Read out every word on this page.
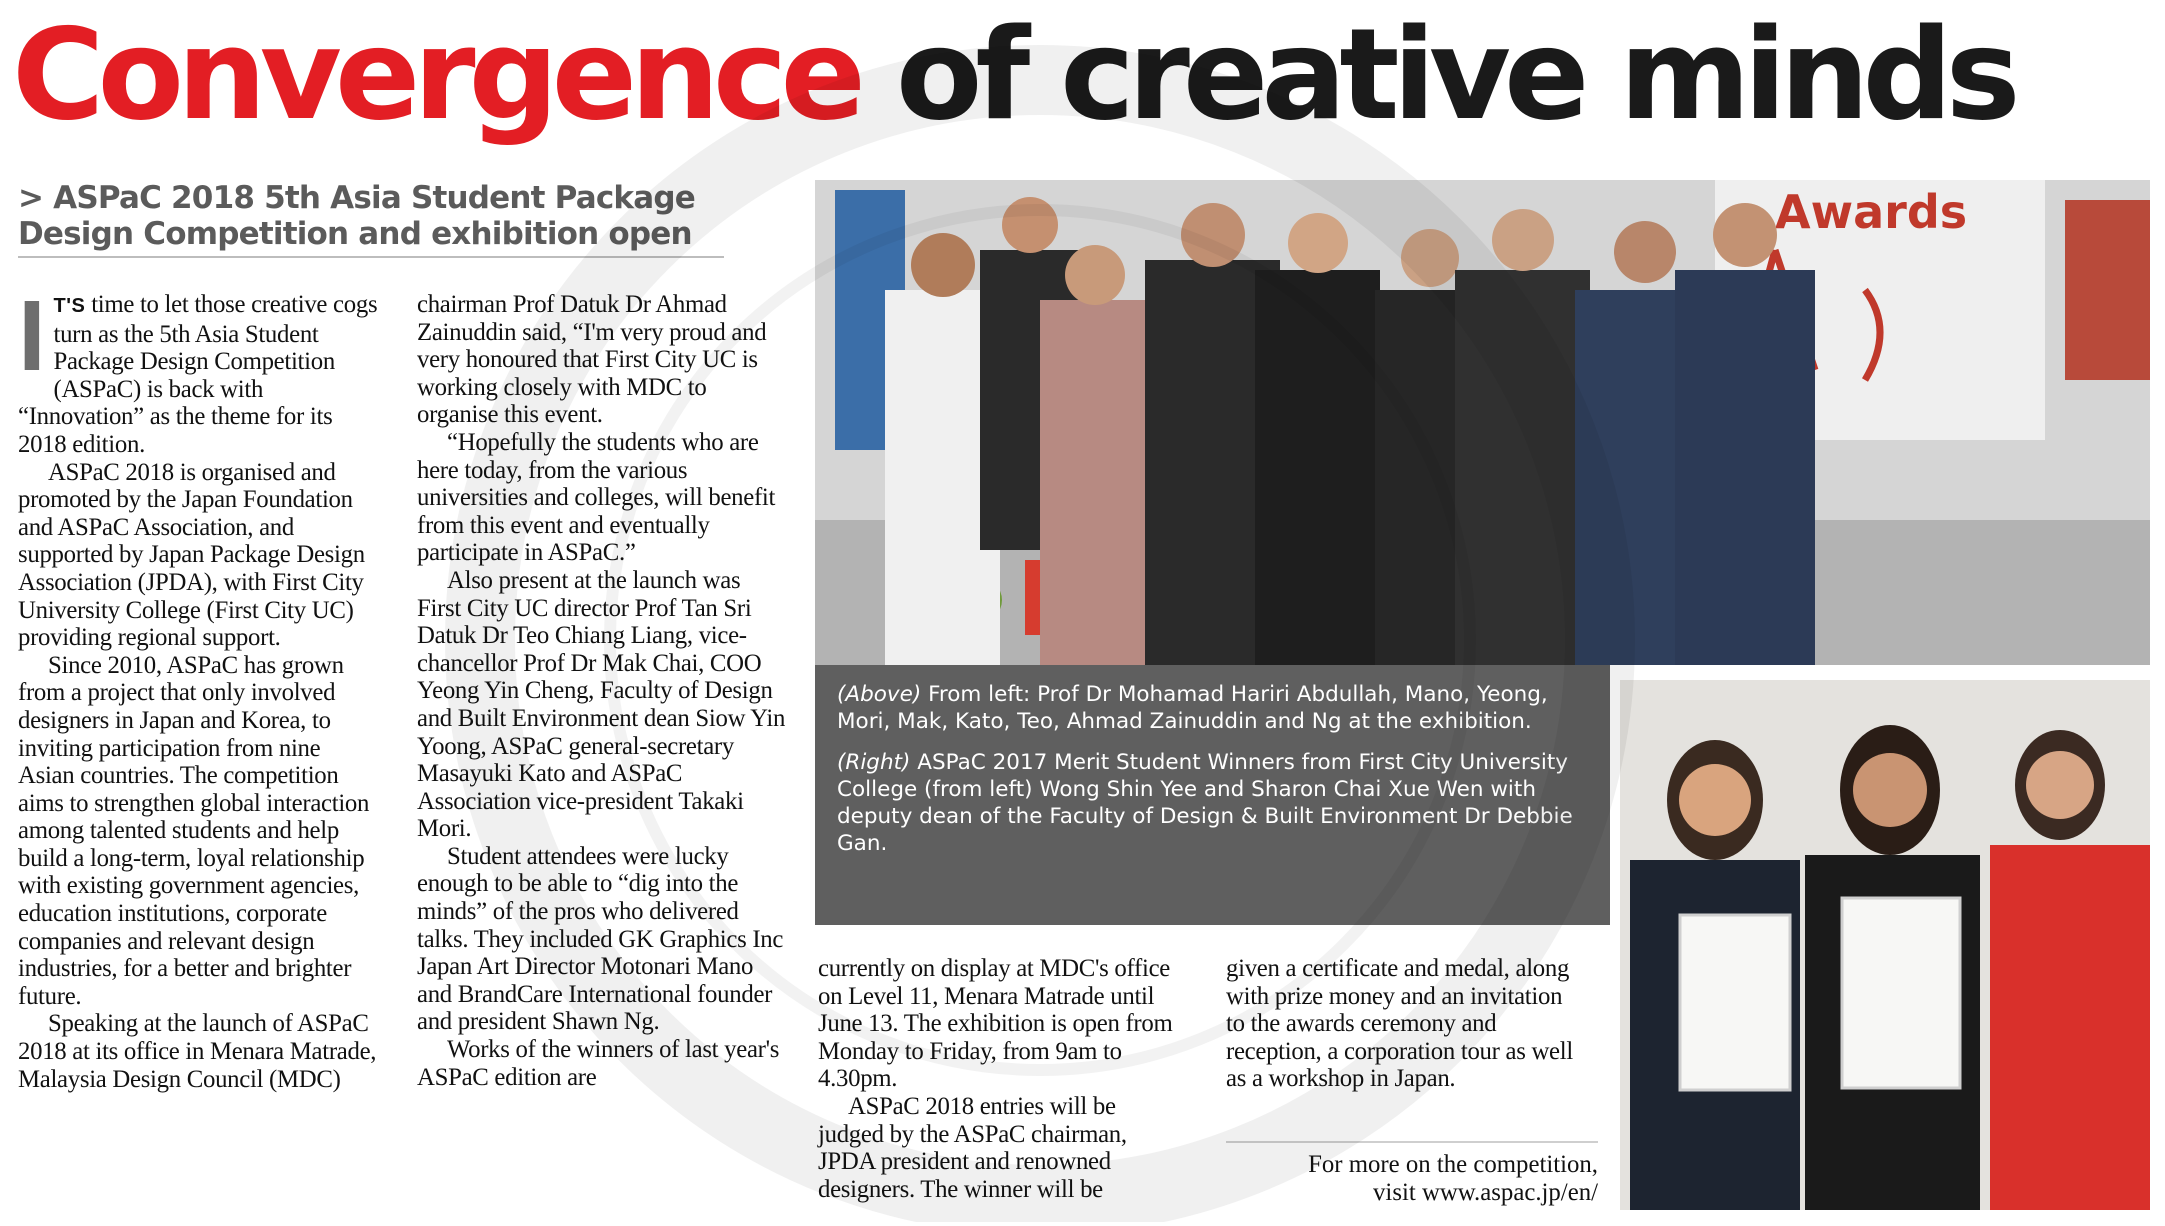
Convergence of creative minds
> ASPaC 2018 5th Asia Student Package
Design Competition and exhibition open

I T'S time to let those creative cogs turn as the 5th Asia Student Package Design Competition (ASPaC) is back with “Innovation” as the theme for its 2018 edition.

ASPaC 2018 is organised and promoted by the Japan Foundation and ASPaC Association, and supported by Japan Package Design Association (JPDA), with First City University College (First City UC) providing regional support.

Since 2010, ASPaC has grown from a project that only involved designers in Japan and Korea, to inviting participation from nine Asian countries. The competition aims to strengthen global interaction among talented students and help build a long-term, loyal relationship with existing government agencies, education institutions, corporate companies and relevant design industries, for a better and brighter future.

Speaking at the launch of ASPaC 2018 at its office in Menara Matrade, Malaysia Design Council (MDC)

chairman Prof Datuk Dr Ahmad Zainuddin said, “I'm very proud and very honoured that First City UC is working closely with MDC to organise this event.

“Hopefully the students who are here today, from the various universities and colleges, will benefit from this event and eventually participate in ASPaC.”

Also present at the launch was First City UC director Prof Tan Sri Datuk Dr Teo Chiang Liang, vice-chancellor Prof Dr Mak Chai, COO Yeong Yin Cheng, Faculty of Design and Built Environment dean Siow Yin Yoong, ASPaC general-secretary Masayuki Kato and ASPaC Association vice-president Takaki Mori.

Student attendees were lucky enough to be able to “dig into the minds” of the pros who delivered talks. They included GK Graphics Inc Japan Art Director Motonari Mano and BrandCare International founder and president Shawn Ng.

Works of the winners of last year's ASPaC edition are

Awards

(Above) From left: Prof Dr Mohamad Hariri Abdullah, Mano, Yeong, Mori, Mak, Kato, Teo, Ahmad Zainuddin and Ng at the exhibition.

(Right) ASPaC 2017 Merit Student Winners from First City University College (from left) Wong Shin Yee and Sharon Chai Xue Wen with deputy dean of the Faculty of Design & Built Environment Dr Debbie Gan.

currently on display at MDC's office on Level 11, Menara Matrade until June 13. The exhibition is open from Monday to Friday, from 9am to 4.30pm.

ASPaC 2018 entries will be judged by the ASPaC chairman, JPDA president and renowned designers. The winner will be

given a certificate and medal, along with prize money and an invitation to the awards ceremony and reception, a corporation tour as well as a workshop in Japan.

For more on the competition,
visit www.aspac.jp/en/
